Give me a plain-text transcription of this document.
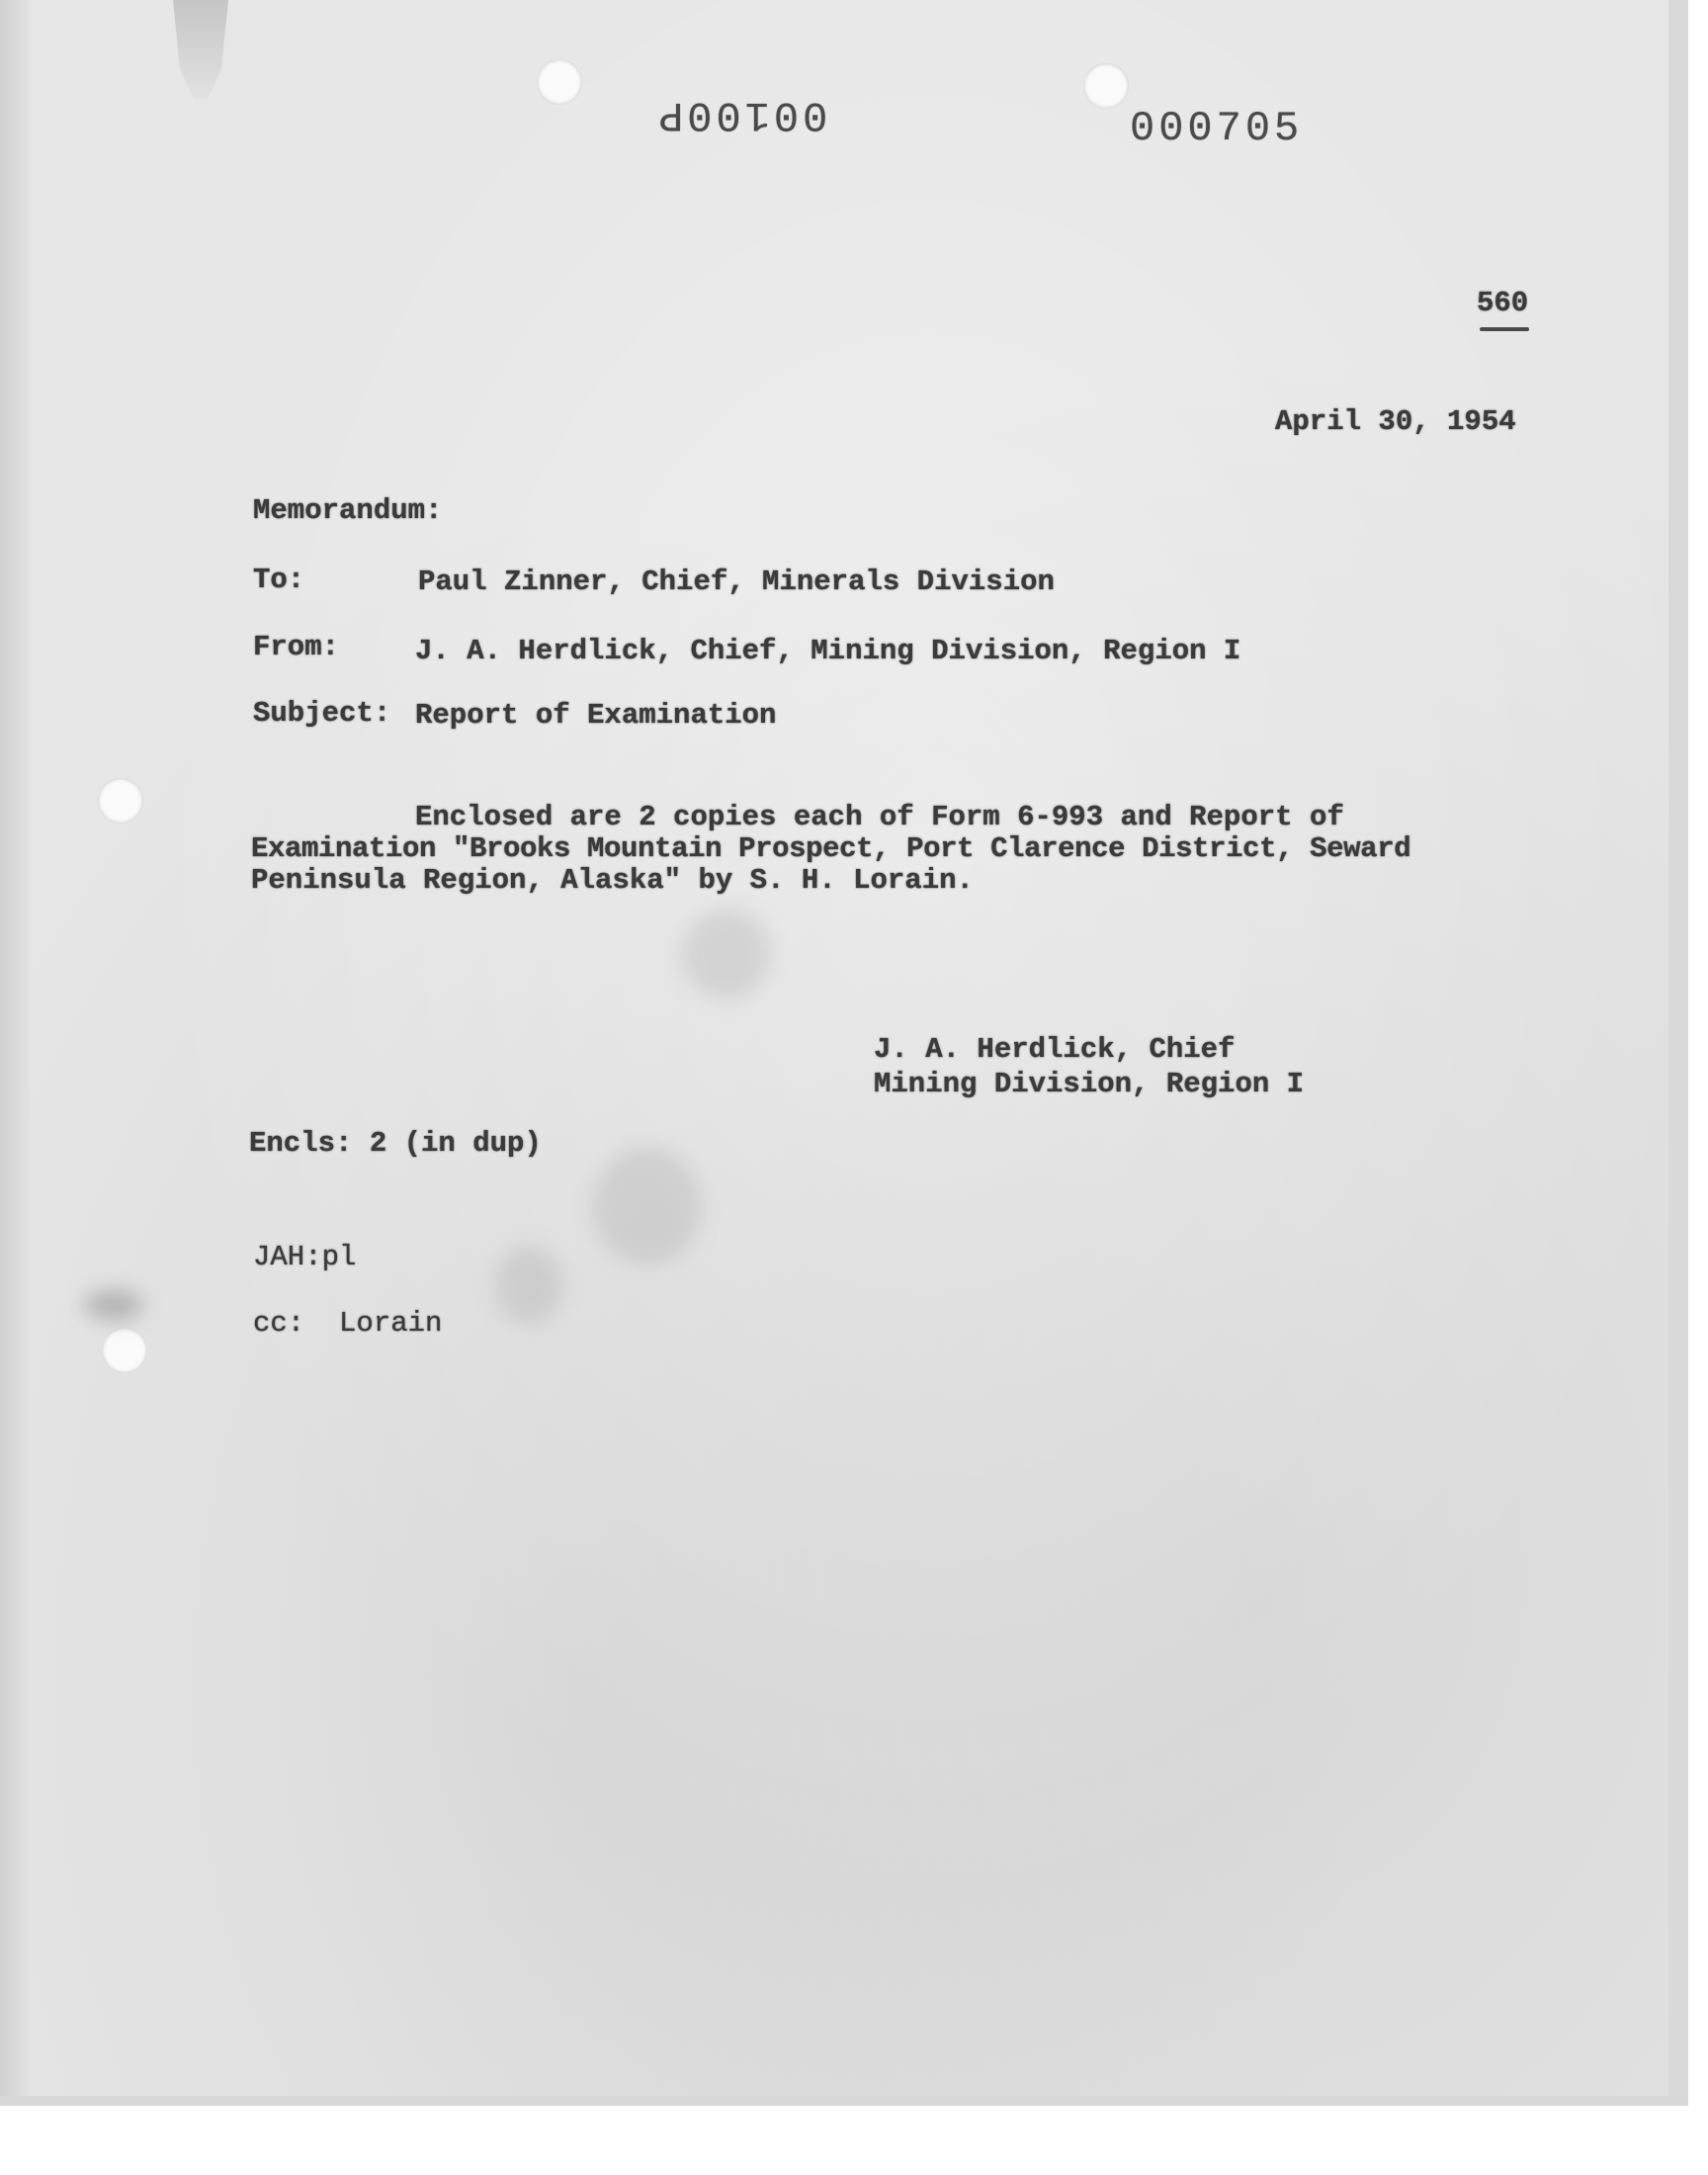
00100P	000705
560
April 30, 1954
Memorandum:
To:	Paul Zinner, Chief, Minerals Division
From:	J. A. Herdlick, Chief, Mining Division, Region I
Subject: Report of Examination
Enclosed are 2 copies each of Form 6-993 and Report of
Examination "Brooks Mountain Prospect, Port Clarence District, Seward
Peninsula Region, Alaska" by S. H. Lorain.
J. A. Herdlick, Chief
Mining Division, Region I
Encls: 2 (in dup)
JAH:pl
cc:  Lorain
